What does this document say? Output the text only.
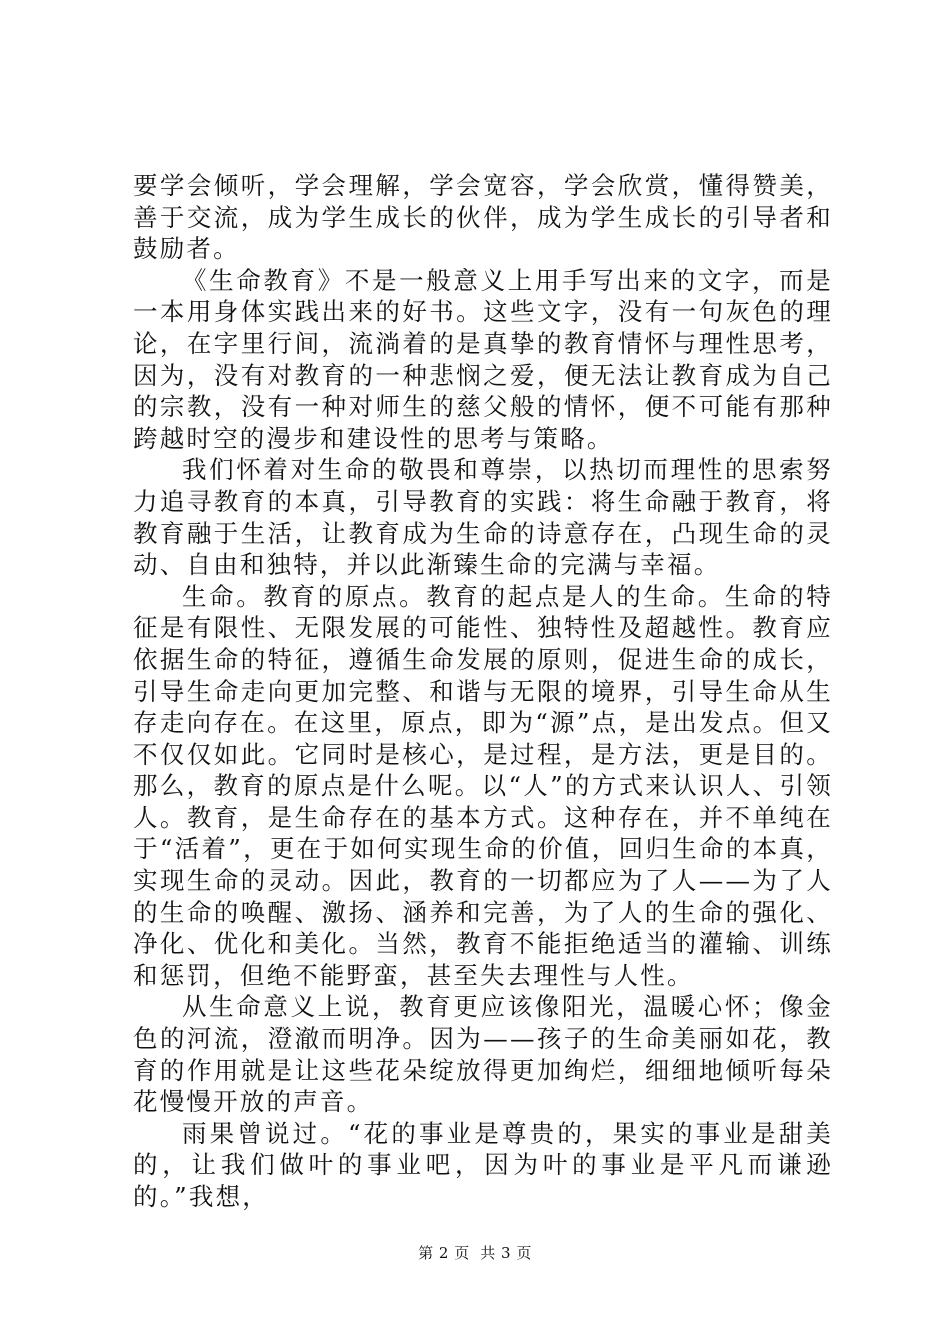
要学会倾听，学会理解，学会宽容，学会欣赏，懂得赞美，善于交流，成为学生成长的伙伴，成为学生成长的引导者和鼓励者。

《生命教育》不是一般意义上用手写出来的文字，而是一本用身体实践出来的好书。这些文字，没有一句灰色的理论，在字里行间，流淌着的是真挚的教育情怀与理性思考，因为，没有对教育的一种悲悯之爱，便无法让教育成为自己的宗教，没有一种对师生的慈父般的情怀，便不可能有那种跨越时空的漫步和建设性的思考与策略。

我们怀着对生命的敬畏和尊崇，以热切而理性的思索努力追寻教育的本真，引导教育的实践：将生命融于教育，将教育融于生活，让教育成为生命的诗意存在，凸现生命的灵动、自由和独特，并以此渐臻生命的完满与幸福。

生命。教育的原点。教育的起点是人的生命。生命的特征是有限性、无限发展的可能性、独特性及超越性。教育应依据生命的特征，遵循生命发展的原则，促进生命的成长，引导生命走向更加完整、和谐与无限的境界，引导生命从生存走向存在。在这里，原点，即为“源”点，是出发点。但又不仅仅如此。它同时是核心，是过程，是方法，更是目的。那么，教育的原点是什么呢。以“人”的方式来认识人、引领人。教育，是生命存在的基本方式。这种存在，并不单纯在于“活着”，更在于如何实现生命的价值，回归生命的本真，实现生命的灵动。因此，教育的一切都应为了人——为了人的生命的唤醒、激扬、涵养和完善，为了人的生命的强化、净化、优化和美化。当然，教育不能拒绝适当的灌输、训练和惩罚，但绝不能野蛮，甚至失去理性与人性。

从生命意义上说，教育更应该像阳光，温暖心怀；像金色的河流，澄澈而明净。因为——孩子的生命美丽如花，教育的作用就是让这些花朵绽放得更加绚烂，细细地倾听每朵花慢慢开放的声音。

雨果曾说过。“花的事业是尊贵的，果实的事业是甜美的，让我们做叶的事业吧，因为叶的事业是平凡而谦逊的。”我想，

第 2 页 共 3 页
